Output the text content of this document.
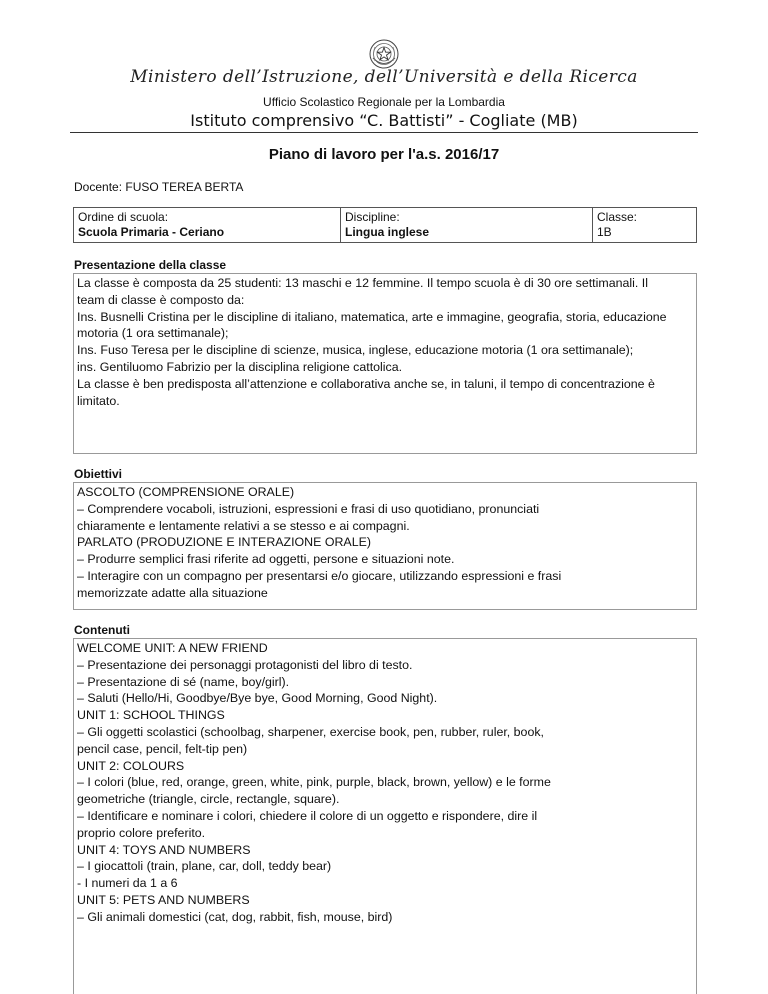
Ministero dell’Istruzione, dell’Università e della Ricerca
Ufficio Scolastico Regionale per la Lombardia
Istituto comprensivo “C. Battisti” - Cogliate (MB)
Piano di lavoro per l'a.s. 2016/17
Docente: FUSO TEREA BERTA
Ordine di scuola:
Scuola Primaria - Ceriano

Discipline:
Lingua inglese

Classe:
1B
Presentazione della classe

La classe è composta da 25 studenti: 13 maschi e 12 femmine. Il tempo scuola è di 30 ore settimanali. Il

team di classe è composto da:

Ins. Busnelli Cristina per le discipline di italiano, matematica, arte e immagine, geografia, storia, educazione

motoria (1 ora settimanale);

Ins. Fuso Teresa per le discipline di scienze, musica, inglese, educazione motoria (1 ora settimanale);

ins. Gentiluomo Fabrizio per la disciplina religione cattolica.

La classe è ben predisposta all’attenzione e collaborativa anche se, in taluni, il tempo di concentrazione è

limitato.

Obiettivi

ASCOLTO (COMPRENSIONE ORALE)

– Comprendere vocaboli, istruzioni, espressioni e frasi di uso quotidiano, pronunciati

chiaramente e lentamente relativi a se stesso e ai compagni.

PARLATO (PRODUZIONE E INTERAZIONE ORALE)

– Produrre semplici frasi riferite ad oggetti, persone e situazioni note.

– Interagire con un compagno per presentarsi e/o giocare, utilizzando espressioni e frasi

memorizzate adatte alla situazione

Contenuti

WELCOME UNIT: A NEW FRIEND

– Presentazione dei personaggi protagonisti del libro di testo.

– Presentazione di sé (name, boy/girl).

– Saluti (Hello/Hi, Goodbye/Bye bye, Good Morning, Good Night).

UNIT 1: SCHOOL THINGS

– Gli oggetti scolastici (schoolbag, sharpener, exercise book, pen, rubber, ruler, book,

pencil case, pencil, felt-tip pen)

UNIT 2: COLOURS

– I colori (blue, red, orange, green, white, pink, purple, black, brown, yellow) e le forme

geometriche (triangle, circle, rectangle, square).

– Identificare e nominare i colori, chiedere il colore di un oggetto e rispondere, dire il

proprio colore preferito.

UNIT 4: TOYS AND NUMBERS

– I giocattoli (train, plane, car, doll, teddy bear)

- I numeri da 1 a 6

UNIT 5: PETS AND NUMBERS

– Gli animali domestici (cat, dog, rabbit, fish, mouse, bird)
